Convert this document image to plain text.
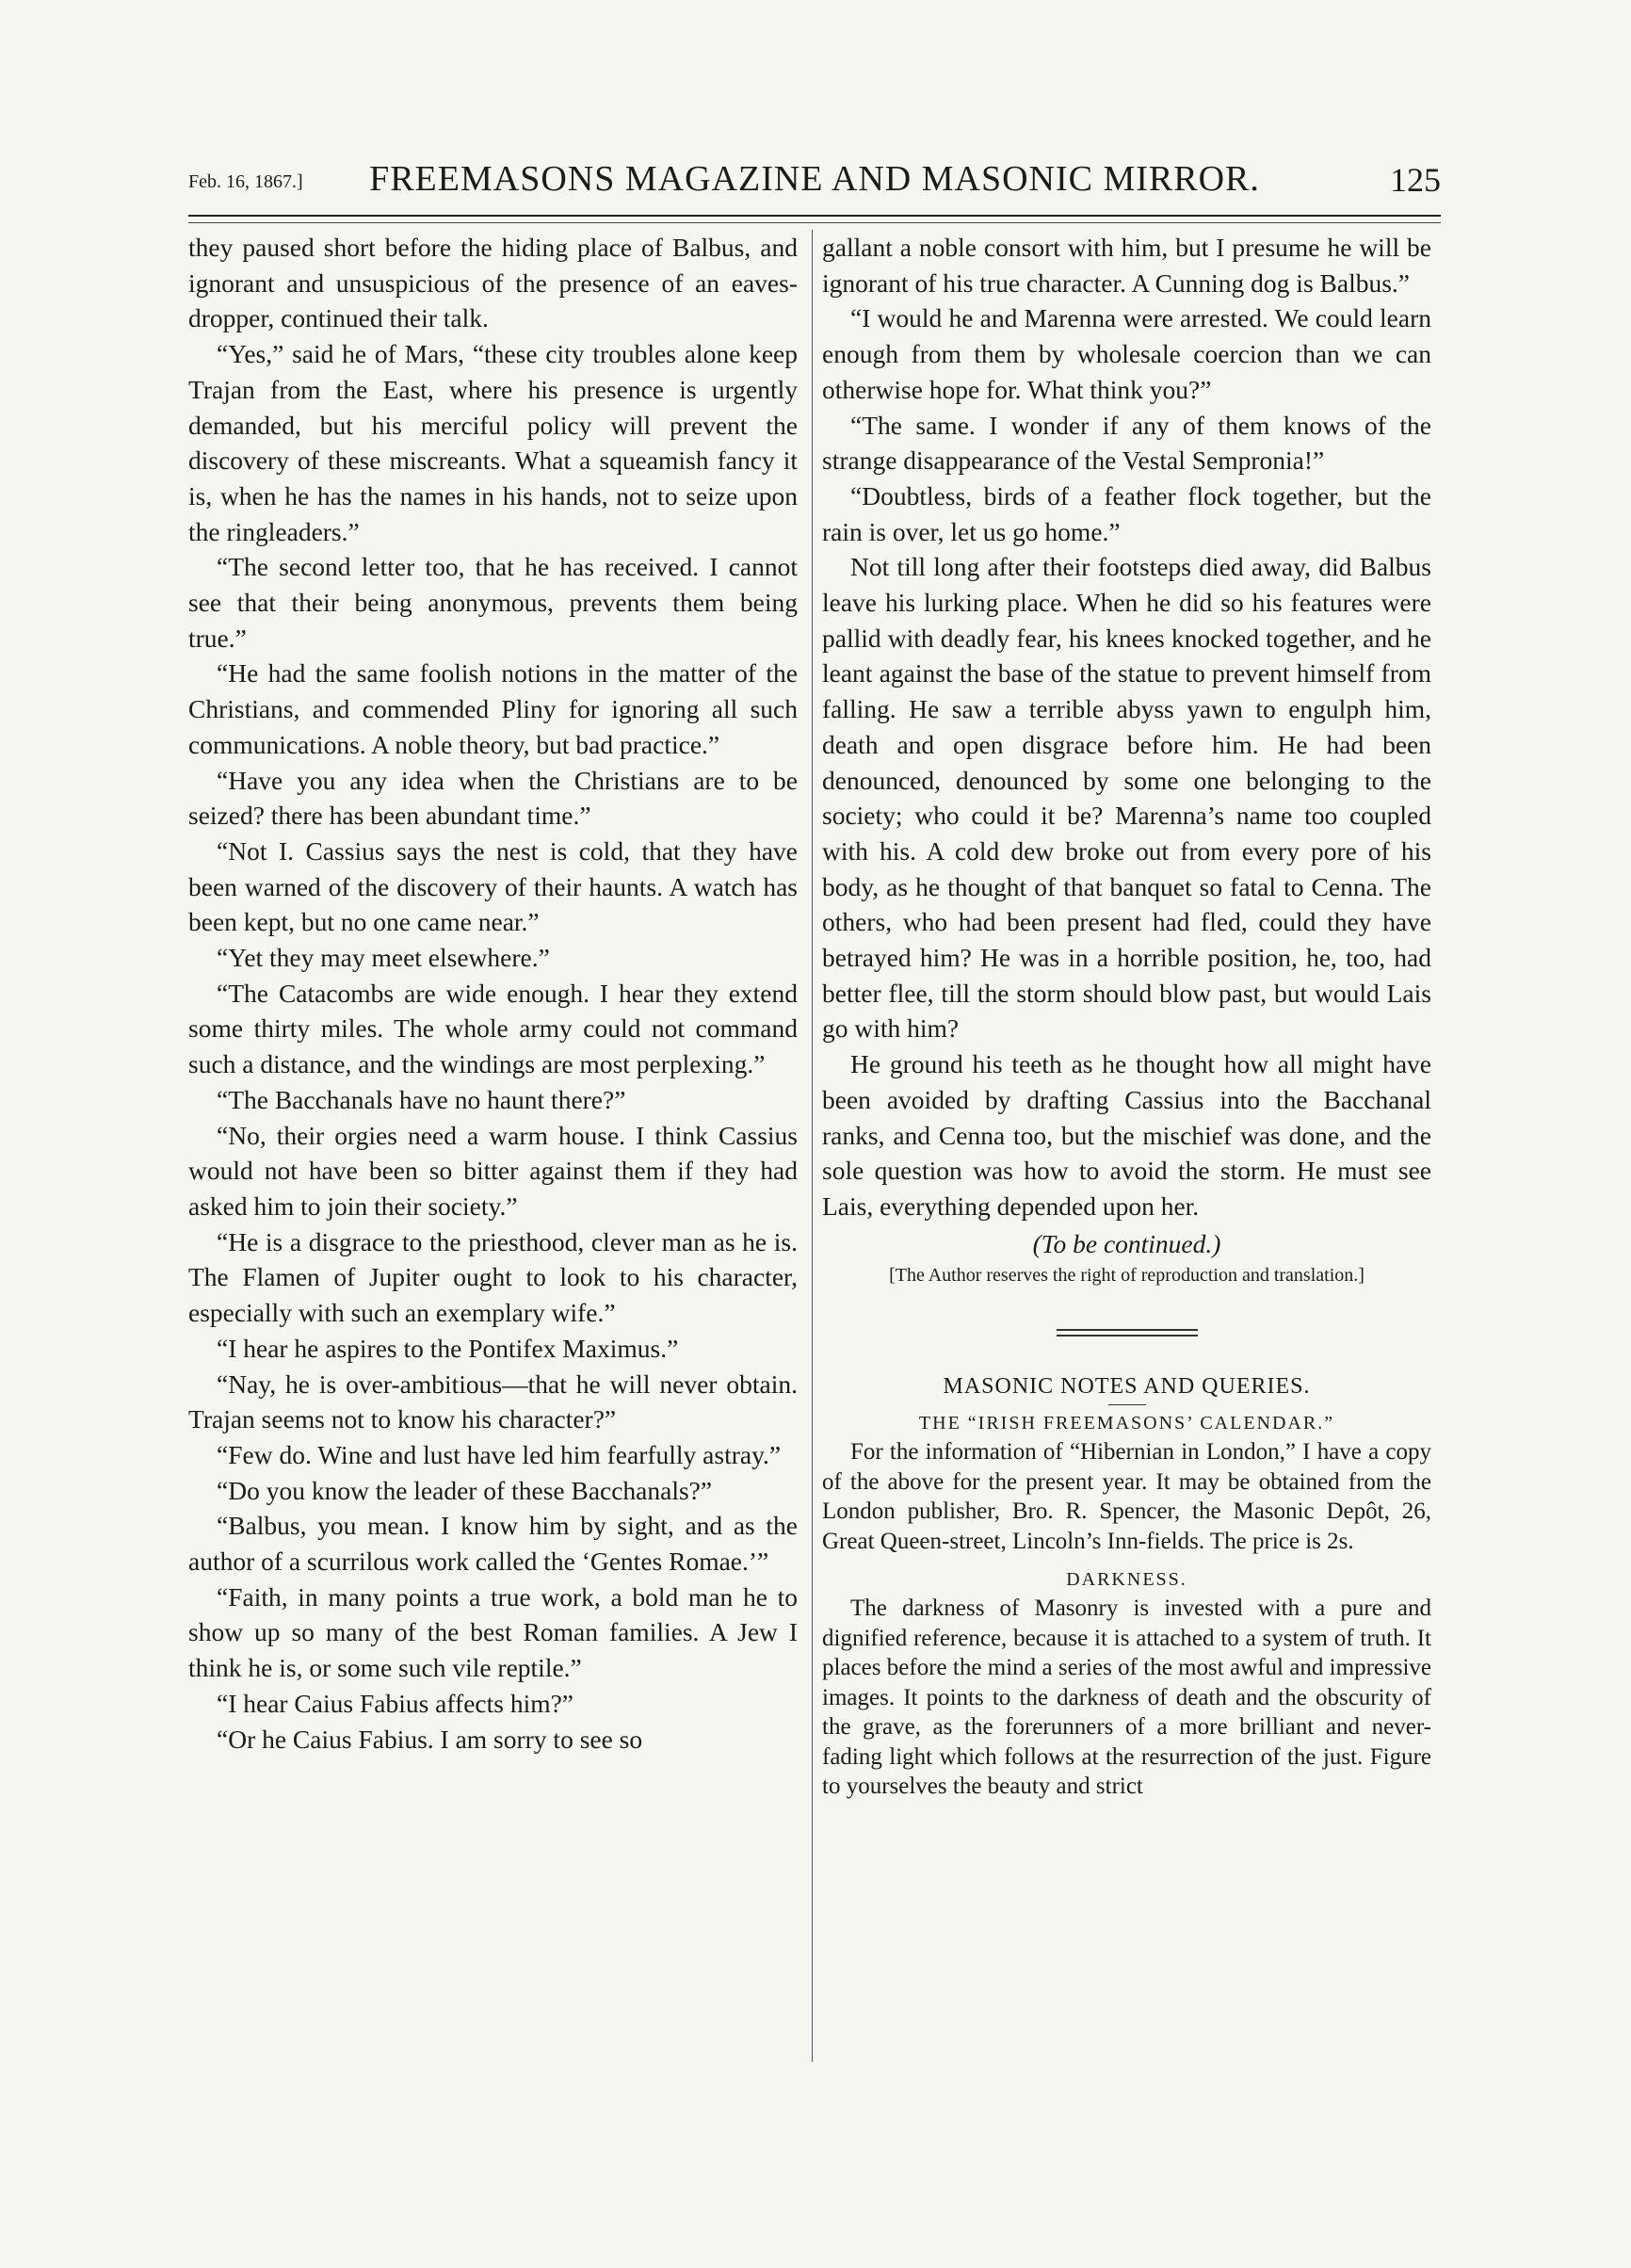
Feb. 16, 1867.]	FREEMASONS MAGAZINE AND MASONIC MIRROR.	125

they paused short before the hiding place of Balbus, and ignorant and unsuspicious of the presence of an eaves-dropper, continued their talk.

“Yes,” said he of Mars, “these city troubles alone keep Trajan from the East, where his presence is urgently demanded, but his merciful policy will prevent the discovery of these miscreants. What a squeamish fancy it is, when he has the names in his hands, not to seize upon the ringleaders.”

“The second letter too, that he has received. I cannot see that their being anonymous, prevents them being true.”

“He had the same foolish notions in the matter of the Christians, and commended Pliny for ignoring all such communications. A noble theory, but bad practice.”

“Have you any idea when the Christians are to be seized? there has been abundant time.”

“Not I. Cassius says the nest is cold, that they have been warned of the discovery of their haunts. A watch has been kept, but no one came near.”

“Yet they may meet elsewhere.”

“The Catacombs are wide enough. I hear they extend some thirty miles. The whole army could not command such a distance, and the windings are most perplexing.”

“The Bacchanals have no haunt there?”

“No, their orgies need a warm house. I think Cassius would not have been so bitter against them if they had asked him to join their society.”

“He is a disgrace to the priesthood, clever man as he is. The Flamen of Jupiter ought to look to his character, especially with such an exemplary wife.”

“I hear he aspires to the Pontifex Maximus.”

“Nay, he is over-ambitious—that he will never obtain. Trajan seems not to know his character?”

“Few do. Wine and lust have led him fearfully astray.”

“Do you know the leader of these Bacchanals?”

“Balbus, you mean. I know him by sight, and as the author of a scurrilous work called the ‘Gentes Romae.’”

“Faith, in many points a true work, a bold man he to show up so many of the best Roman families. A Jew I think he is, or some such vile reptile.”

“I hear Caius Fabius affects him?”

“Or he Caius Fabius. I am sorry to see so

gallant a noble consort with him, but I presume he will be ignorant of his true character. A Cunning dog is Balbus.”

“I would he and Marenna were arrested. We could learn enough from them by wholesale coercion than we can otherwise hope for. What think you?”

“The same. I wonder if any of them knows of the strange disappearance of the Vestal Sempronia!”

“Doubtless, birds of a feather flock together, but the rain is over, let us go home.”

Not till long after their footsteps died away, did Balbus leave his lurking place. When he did so his features were pallid with deadly fear, his knees knocked together, and he leant against the base of the statue to prevent himself from falling. He saw a terrible abyss yawn to engulph him, death and open disgrace before him. He had been denounced, denounced by some one belonging to the society; who could it be? Marenna’s name too coupled with his. A cold dew broke out from every pore of his body, as he thought of that banquet so fatal to Cenna. The others, who had been present had fled, could they have betrayed him? He was in a horrible position, he, too, had better flee, till the storm should blow past, but would Lais go with him?

He ground his teeth as he thought how all might have been avoided by drafting Cassius into the Bacchanal ranks, and Cenna too, but the mischief was done, and the sole question was how to avoid the storm. He must see Lais, everything depended upon her.

(To be continued.)

[The Author reserves the right of reproduction and translation.]

MASONIC NOTES AND QUERIES.
THE “IRISH FREEMASONS’ CALENDAR.”

For the information of “Hibernian in London,” I have a copy of the above for the present year. It may be obtained from the London publisher, Bro. R. Spencer, the Masonic Depôt, 26, Great Queen-street, Lincoln’s Inn-fields. The price is 2s.

DARKNESS.

The darkness of Masonry is invested with a pure and dignified reference, because it is attached to a system of truth. It places before the mind a series of the most awful and impressive images. It points to the darkness of death and the obscurity of the grave, as the forerunners of a more brilliant and never-fading light which follows at the resurrection of the just. Figure to yourselves the beauty and strict
